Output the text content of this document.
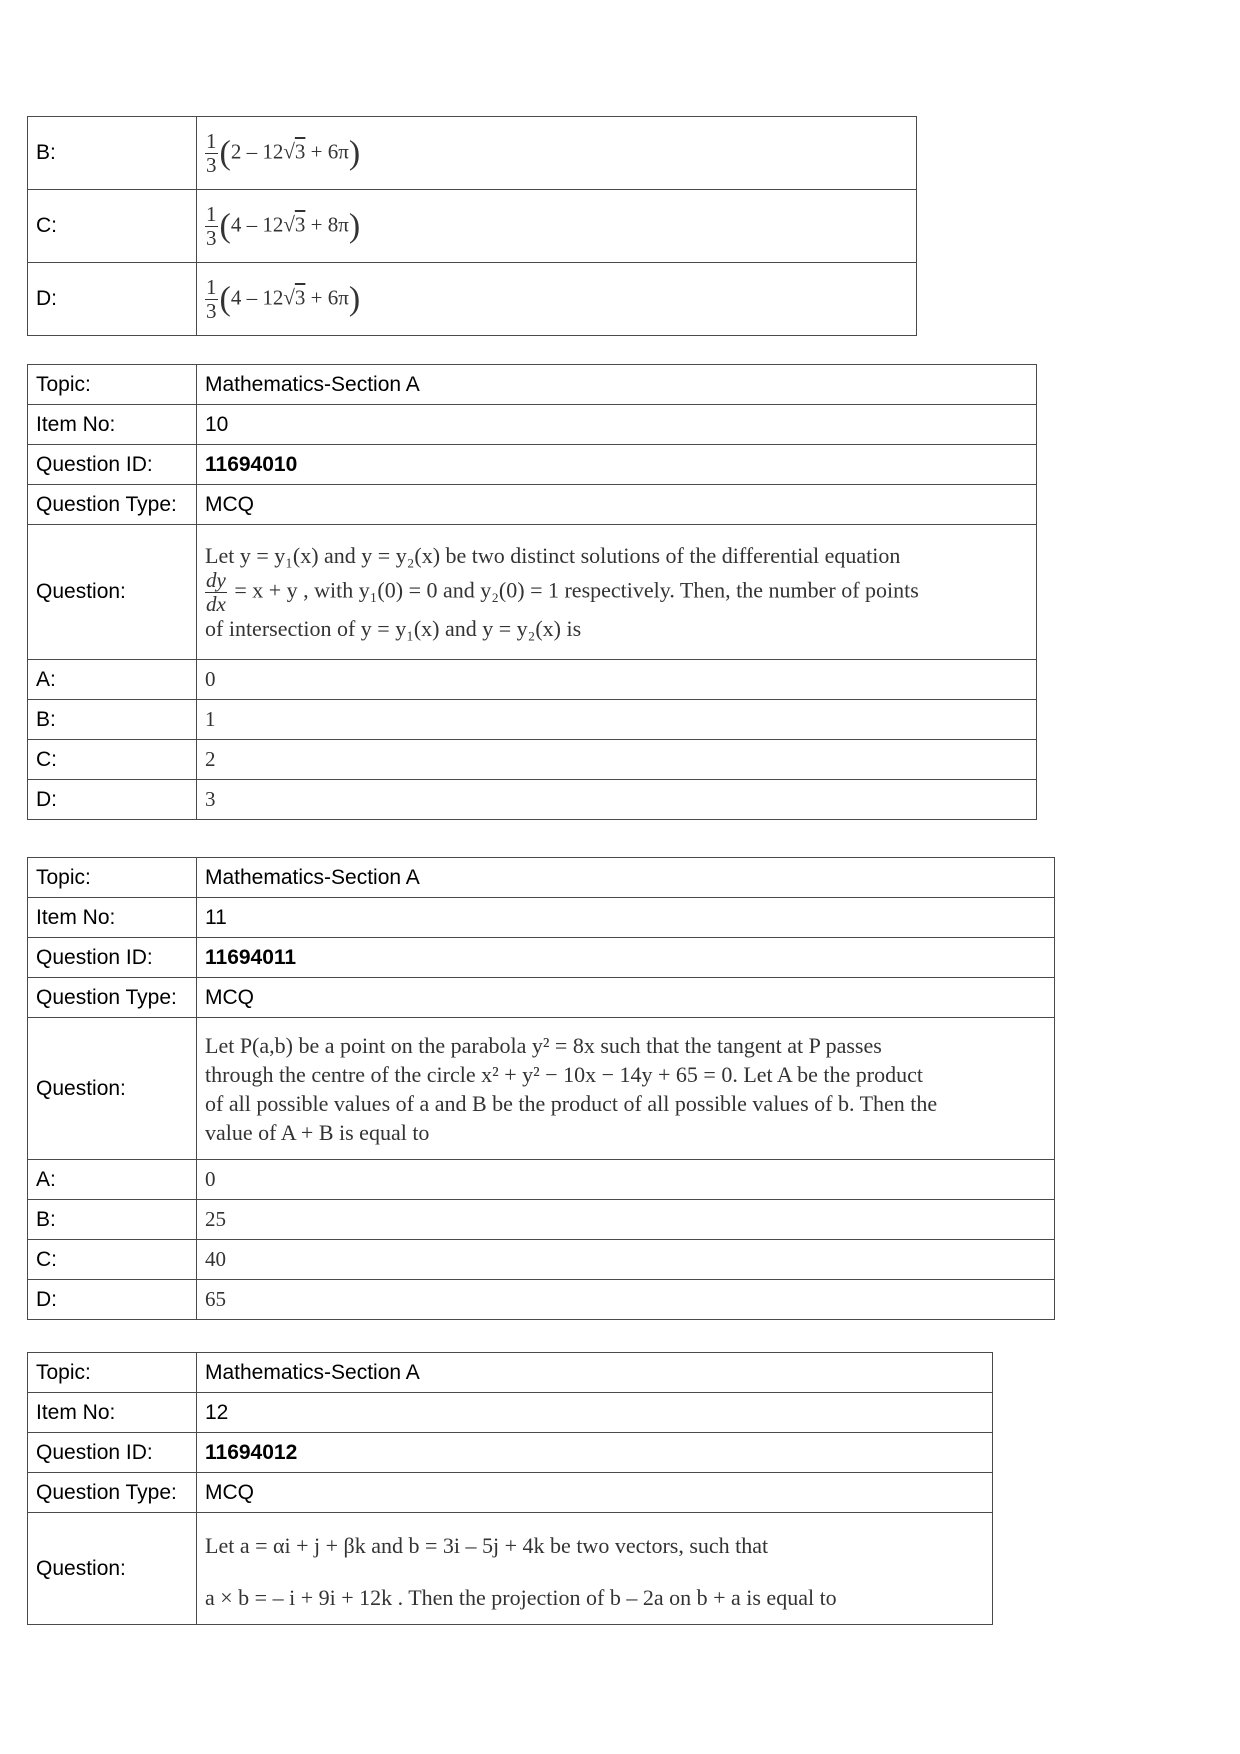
B:	$\frac{1}{3} (2 - 12√3 + 6\pi)$
C:	$\frac{1}{3} (4 - 12√3 + 8\pi)$
D:	$\frac{1}{3} (4 - 12√3 + 6\pi)$
Topic:	Mathematics-Section A
Item No:	10
Question ID:	11694010
Question Type:	MCQ
Question:	Let y = y₁(x) and y = y₂(x) be two distinct solutions of the differential equation
$\frac{dy}{dx} = x + y$ , with y₁(0) = 0 and y₂(0) = 1 respectively. Then, the number of points
of intersection of y = y₁(x) and y = y₂(x) is

A:	0
B:	1
C:	2
D:	3
Topic:	Mathematics-Section A
Item No:	11
Question ID:	11694011
Question Type:	MCQ
Question:	Let P(a,b) be a point on the parabola y² = 8x such that the tangent at P passes
through the centre of the circle x² + y² − 10x − 14y + 65 = 0. Let A be the product
of all possible values of a and B be the product of all possible values of b. Then the
value of A + B is equal to

A:	0
B:	25
C:	40
D:	65
Topic:	Mathematics-Section A
Item No:	12
Question ID:	11694012
Question Type:	MCQ
Question:	Let a = αi + j + βk and b = 3i – 5j + 4k be two vectors, such that
a × b = – i + 9i + 12k . Then the projection of b – 2a on b + a is equal to
